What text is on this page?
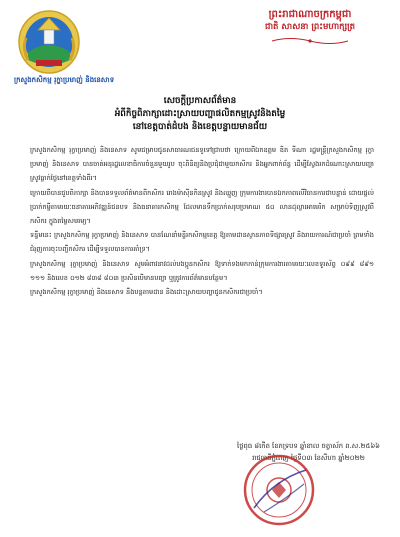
ក្រសួងកសិកម្ម រុក្ខាប្រមាញ់ និងនេសាទ
ព្រះរាជាណាចក្រកម្ពុជា
ជាតិ សាសនា ព្រះមហាក្សត្រ
សេចក្តីប្រកាសព័ត៌មាន
អំពីកិច្ចពិភាក្សាដោះស្រាយបញ្ហាផលិតកម្មស្រូវនិងតម្លៃ
នៅខេត្តបាត់ដំបង និងខេត្តបន្ទាយមានជ័យ

ក្រសួងកសិកម្ម រុក្ខាប្រមាញ់ និងនេសាទ សូមជម្រាបជូនសាធារណជនទូទៅជ្រាបថា ក្រោយពីឯកឧត្តម ឌិត ទីណា រដ្ឋមន្ត្រីក្រសួងកសិកម្ម រុក្ខាប្រមាញ់ និងនេសាទ បានចាត់អនុរដ្ឋលេខាធិការចំនួនមួយរូប ចុះពិនិត្យនិងប្រជុំជាមួយកសិករ និងអ្នកពាក់ព័ន្ធ ដើម្បីស្វែងរកដំណោះស្រាយបញ្ហាស្រូវធ្លាក់ថ្លៃនៅខេត្តទាំងពីរ។

ក្រោយពីបានជួបពិភាក្សា និងបានទទួលព័ត៌មានពីកសិករ រោងម៉ាស៊ីនកិនស្រូវ និងឈ្មួញ ក្រុមការងារបានឯកភាពលើវិធានការជាបន្ទាន់ ដោយផ្តល់ប្រាក់កម្ចីតាមរយៈធនាគារអភិវឌ្ឍន៍ជនបទ និងធនាគារកសិកម្ម ដែលមានទឹកប្រាក់សរុបប្រមាណ ៥០ លានដុល្លារអាមេរិក សម្រាប់ទិញស្រូវពីកសិករ ក្នុងតម្លៃសមរម្យ។

ទន្ទឹមនេះ ក្រសួងកសិកម្ម រុក្ខាប្រមាញ់ និងនេសាទ បានណែនាំមន្ទីរកសិកម្មខេត្ត ឱ្យតាមដានស្ថានភាពទីផ្សារស្រូវ និងរាយការណ៍ជាប្រចាំ ព្រមទាំងជំរុញការចុះបញ្ជីកសិករ ដើម្បីទទួលបានការគាំទ្រ។

ក្រសួងកសិកម្ម រុក្ខាប្រមាញ់ និងនេសាទ សូមអំពាវនាវដល់បងប្អូនកសិករ ឱ្យទាក់ទងមកកាន់ក្រុមការងារតាមរយៈលេខទូរស័ព្ទ ០៩៩ ៨៩១ ១១១ និងលេខ ០១២ ៨៣៨ ៨០៣ ប្រសិនបើមានបញ្ហា ឬត្រូវការព័ត៌មានបន្ថែម។

ក្រសួងកសិកម្ម រុក្ខាប្រមាញ់ និងនេសាទ នឹងបន្តតាមដាន និងដោះស្រាយបញ្ហាជូនកសិករជាប្រចាំ។

ថ្ងៃពុធ ៨កើត ខែភទ្របទ ឆ្នាំខាល ចត្វាស័ក ព.ស.២៥៦៦
រាជធានីភ្នំពេញ ថ្ងៃទី០៣ ខែសីហា ឆ្នាំ២០២២
